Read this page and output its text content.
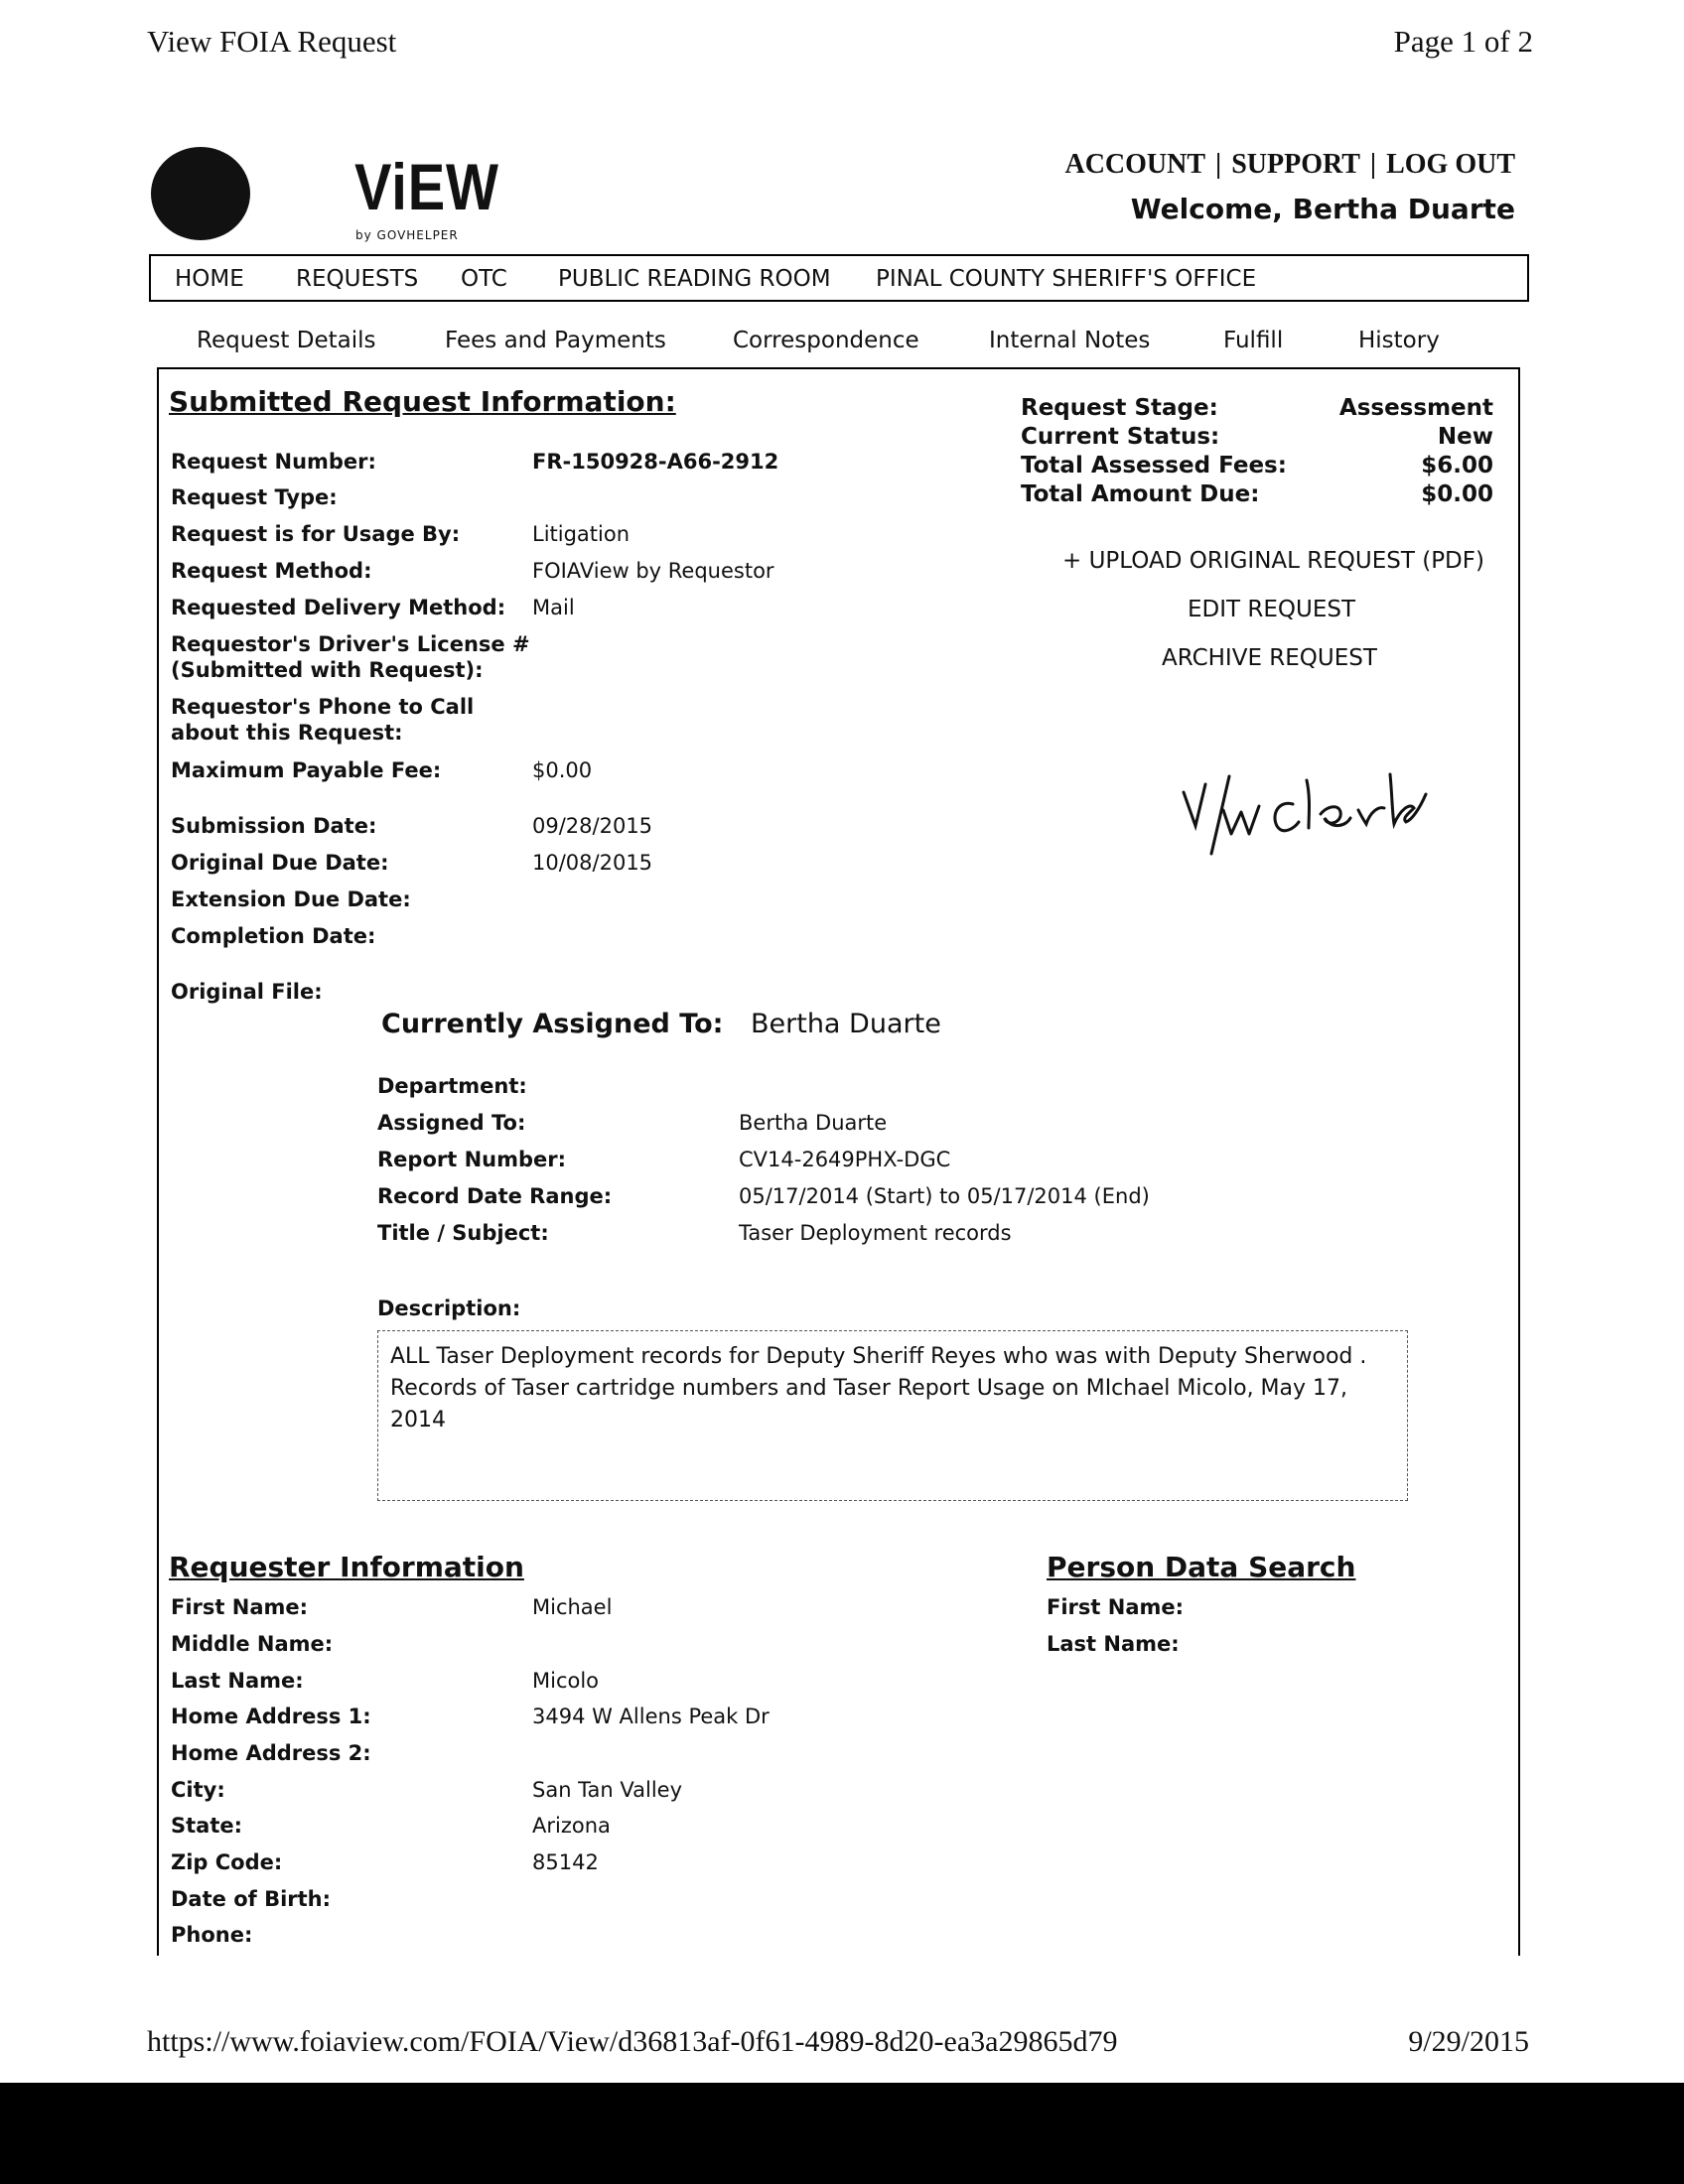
View FOIA Request	Page 1 of 2
ViEW
by GOVHELPER
ACCOUNT | SUPPORT | LOG OUT
Welcome, Bertha Duarte
HOME REQUESTS OTC PUBLIC READING ROOM PINAL COUNTY SHERIFF'S OFFICE
Request Details	Fees and Payments	Correspondence	Internal Notes	Fulfill	History
Submitted Request Information:
Request Number:	FR-150928-A66-2912
Request Type:
Request is for Usage By:	Litigation
Request Method:	FOIAView by Requestor
Requested Delivery Method: Mail
Requestor's Driver's License #
(Submitted with Request):
Requestor's Phone to Call
about this Request:
Maximum Payable Fee:	$0.00
Submission Date:	09/28/2015
Original Due Date:	10/08/2015
Extension Due Date:
Completion Date:
Original File:
Request Stage:	Assessment
Current Status:	New
Total Assessed Fees:	$6.00
Total Amount Due:	$0.00
+ UPLOAD ORIGINAL REQUEST (PDF)
EDIT REQUEST
ARCHIVE REQUEST
Currently Assigned To: Bertha Duarte
Department:
Assigned To:	Bertha Duarte
Report Number:	CV14-2649PHX-DGC
Record Date Range:	05/17/2014 (Start) to 05/17/2014 (End)
Title / Subject:	Taser Deployment records
Description:
ALL Taser Deployment records for Deputy Sheriff Reyes who was with Deputy Sherwood . Records of Taser cartridge numbers and Taser Report Usage on MIchael Micolo, May 17, 2014
Requester Information
First Name:	Michael
Middle Name:
Last Name:	Micolo
Home Address 1:	3494 W Allens Peak Dr
Home Address 2:
City:	San Tan Valley
State:	Arizona
Zip Code:	85142
Date of Birth:
Phone:
Person Data Search
First Name:
Last Name:
https://www.foiaview.com/FOIA/View/d36813af-0f61-4989-8d20-ea3a29865d79	9/29/2015
